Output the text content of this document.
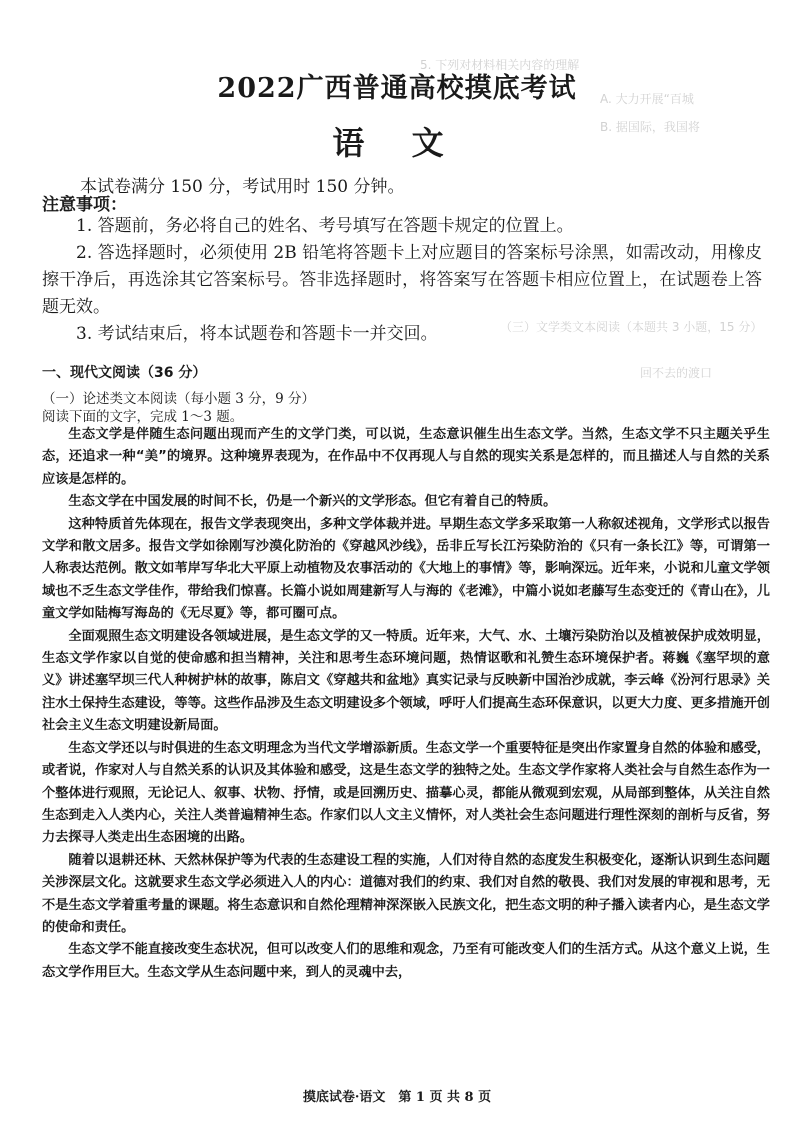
5. 下列对材料相关内容的理解
A. 大力开展“百城
B. 据国际，我国将
（三）文学类文本阅读（本题共 3 小题，15 分）
回不去的渡口
2022广西普通高校摸底考试
语 文
本试卷满分 150 分，考试用时 150 分钟。
注意事项：

1. 答题前，务必将自己的姓名、考号填写在答题卡规定的位置上。

2. 答选择题时，必须使用 2B 铅笔将答题卡上对应题目的答案标号涂黑，如需改动，用橡皮擦干净后，再选涂其它答案标号。答非选择题时，将答案写在答题卡相应位置上，在试题卷上答题无效。

3. 考试结束后，将本试题卷和答题卡一并交回。

一、现代文阅读（36 分）
（一）论述类文本阅读（每小题 3 分，9 分）
阅读下面的文字，完成 1～3 题。

生态文学是伴随生态问题出现而产生的文学门类，可以说，生态意识催生出生态文学。当然，生态文学不只主题关乎生态，还追求一种“美”的境界。这种境界表现为，在作品中不仅再现人与自然的现实关系是怎样的，而且描述人与自然的关系应该是怎样的。

生态文学在中国发展的时间不长，仍是一个新兴的文学形态。但它有着自己的特质。

这种特质首先体现在，报告文学表现突出，多种文学体裁并进。早期生态文学多采取第一人称叙述视角，文学形式以报告文学和散文居多。报告文学如徐刚写沙漠化防治的《穿越风沙线》，岳非丘写长江污染防治的《只有一条长江》等，可谓第一人称表达范例。散文如苇岸写华北大平原上动植物及农事活动的《大地上的事情》等，影响深远。近年来，小说和儿童文学领域也不乏生态文学佳作，带给我们惊喜。长篇小说如周建新写人与海的《老滩》，中篇小说如老藤写生态变迁的《青山在》，儿童文学如陆梅写海岛的《无尽夏》等，都可圈可点。

全面观照生态文明建设各领域进展，是生态文学的又一特质。近年来，大气、水、土壤污染防治以及植被保护成效明显，生态文学作家以自觉的使命感和担当精神，关注和思考生态环境问题，热情讴歌和礼赞生态环境保护者。蒋巍《塞罕坝的意义》讲述塞罕坝三代人种树护林的故事，陈启文《穿越共和盆地》真实记录与反映新中国治沙成就，李云峰《汾河行思录》关注水土保持生态建设，等等。这些作品涉及生态文明建设多个领域，呼吁人们提高生态环保意识，以更大力度、更多措施开创社会主义生态文明建设新局面。

生态文学还以与时俱进的生态文明理念为当代文学增添新质。生态文学一个重要特征是突出作家置身自然的体验和感受，或者说，作家对人与自然关系的认识及其体验和感受，这是生态文学的独特之处。生态文学作家将人类社会与自然生态作为一个整体进行观照，无论记人、叙事、状物、抒情，或是回溯历史、描摹心灵，都能从微观到宏观，从局部到整体，从关注自然生态到走入人类内心，关注人类普遍精神生态。作家们以人文主义情怀，对人类社会生态问题进行理性深刻的剖析与反省，努力去探寻人类走出生态困境的出路。

随着以退耕还林、天然林保护等为代表的生态建设工程的实施，人们对待自然的态度发生积极变化，逐渐认识到生态问题关涉深层文化。这就要求生态文学必须进入人的内心：道德对我们的约束、我们对自然的敬畏、我们对发展的审视和思考，无不是生态文学着重考量的课题。将生态意识和自然伦理精神深深嵌入民族文化，把生态文明的种子播入读者内心，是生态文学的使命和责任。

生态文学不能直接改变生态状况，但可以改变人们的思维和观念，乃至有可能改变人们的生活方式。从这个意义上说，生态文学作用巨大。生态文学从生态问题中来，到人的灵魂中去，

摸底试卷·语文　第 1 页 共 8 页
